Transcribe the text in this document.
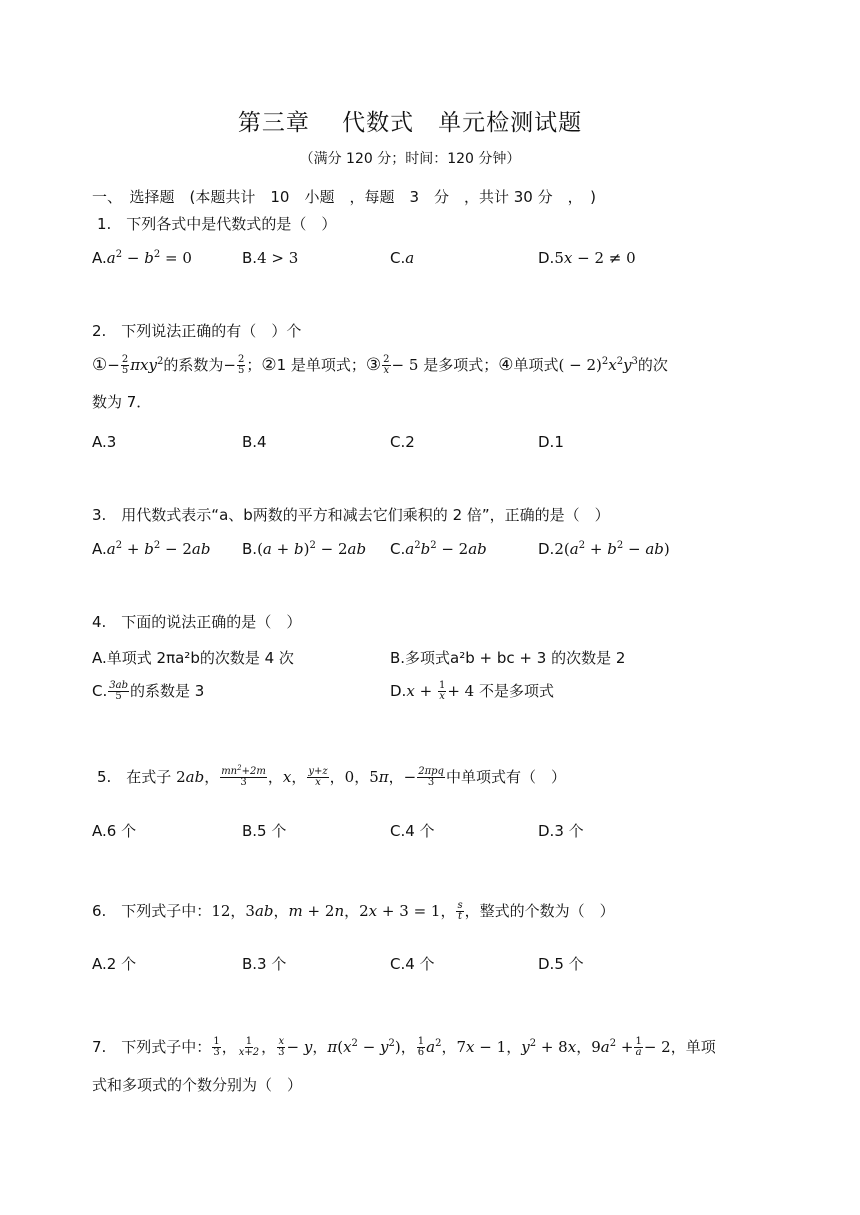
第三章　 代数式　单元检测试题
（满分 120 分；时间：120 分钟）
一、　选择题　(本题共计　10　小题　，每题　3　分　，共计 30 分　，　)
1.　下列各式中是代数式的是（　）
$A.a^2 - b^2 = 0$	B.4 > 3	C.a	D.5x − 2 ≠ 0
2.　下列说法正确的有（　）个
①− $\frac{2}{5} \pi xy^2$的系数为− $\frac{2}{5}$ ；②1 是单项式；③ $\frac{2}{x} - 5$ 是多项式；④单项式( − $2)^2x^2y^3$的次
数为 7．
A.3	B.4	C.2	D.1
3.　用代数式表示“a、b两数的平方和减去它们乘积的 2 倍”，正确的是（　）
$A.a^2 + b^2 - 2ab$ $B.(a + b)^2 - 2ab$ $C.a^2b^2 - 2ab$	$D.2(a^2 + b^2 - ab)$
4.　下面的说法正确的是（　）
A.单项式 2πa²b的次数是 4 次	B.多项式a²b + bc + 3 的次数是 2
C. $\frac{3ab}{5}$ 的系数是 3	$D.x + \frac{1}{x} + 4$ 不是多项式
5.　在式子 2ab， $\frac{mn^2+2m}{3}$ ，x， $\frac{y+z}{x}$ ，0，5π，− $\frac{\text{2πpq}}{3}$ 中单项式有（　）
A.6 个	B.5 个	C.4 个	D.3 个
6.　下列式子中：12，3ab，m + 2n，2x + 3 = 1， $\frac{s}{t}$ ，整式的个数为（　）
A.2 个	B.3 个	C.4 个	D.5 个
7.　下列式子中： $\frac{1}{3}$ ， $\frac{1}{x+2}$ ， $\frac{x}{3} - y$，$\pi(x^2 - y^2)$， $\frac{1}{6} a^2$，7x − 1，$y^2 + 8x$，$9a^2 + \frac{1}{a} - 2$，单项
式和多项式的个数分别为（　）
